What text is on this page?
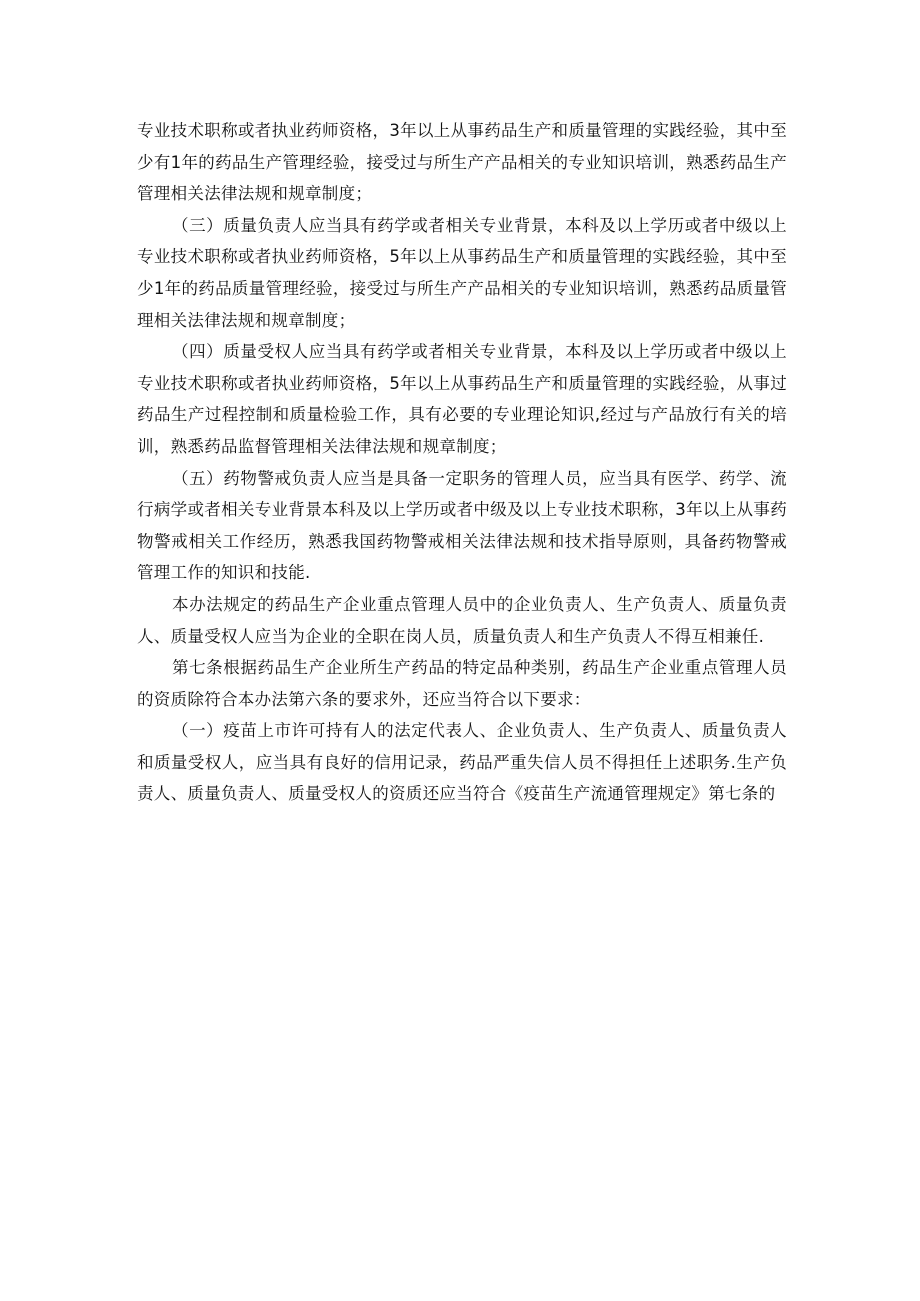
专业技术职称或者执业药师资格，3年以上从事药品生产和质量管理的实践经验，其中至少有1年的药品生产管理经验，接受过与所生产产品相关的专业知识培训，熟悉药品生产管理相关法律法规和规章制度；

（三）质量负责人应当具有药学或者相关专业背景，本科及以上学历或者中级以上专业技术职称或者执业药师资格，5年以上从事药品生产和质量管理的实践经验，其中至少1年的药品质量管理经验，接受过与所生产产品相关的专业知识培训，熟悉药品质量管理相关法律法规和规章制度；

（四）质量受权人应当具有药学或者相关专业背景，本科及以上学历或者中级以上专业技术职称或者执业药师资格，5年以上从事药品生产和质量管理的实践经验，从事过药品生产过程控制和质量检验工作，具有必要的专业理论知识,经过与产品放行有关的培训，熟悉药品监督管理相关法律法规和规章制度；

（五）药物警戒负责人应当是具备一定职务的管理人员，应当具有医学、药学、流行病学或者相关专业背景本科及以上学历或者中级及以上专业技术职称，3年以上从事药物警戒相关工作经历，熟悉我国药物警戒相关法律法规和技术指导原则，具备药物警戒管理工作的知识和技能.

本办法规定的药品生产企业重点管理人员中的企业负责人、生产负责人、质量负责人、质量受权人应当为企业的全职在岗人员，质量负责人和生产负责人不得互相兼任.

第七条根据药品生产企业所生产药品的特定品种类别，药品生产企业重点管理人员的资质除符合本办法第六条的要求外，还应当符合以下要求：

（一）疫苗上市许可持有人的法定代表人、企业负责人、生产负责人、质量负责人和质量受权人，应当具有良好的信用记录，药品严重失信人员不得担任上述职务.生产负责人、质量负责人、质量受权人的资质还应当符合《疫苗生产流通管理规定》第七条的
